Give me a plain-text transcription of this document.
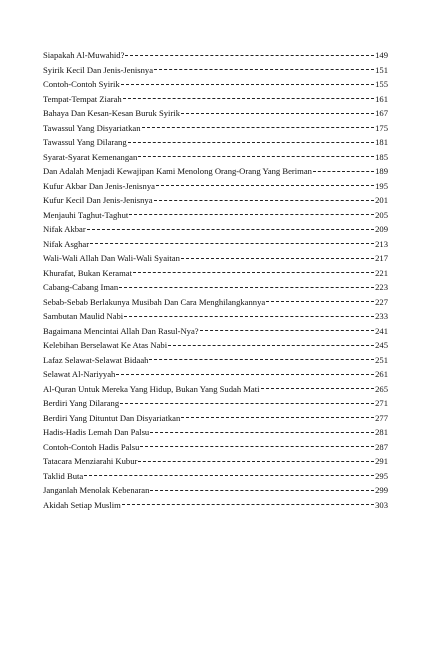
Siapakah Al-Muwahid?	149
Syirik Kecil Dan Jenis-Jenisnya	151
Contoh-Contoh Syirik	155
Tempat-Tempat Ziarah	161
Bahaya Dan Kesan-Kesan Buruk Syirik	167
Tawassul Yang Disyariatkan	175
Tawassul Yang Dilarang	181
Syarat-Syarat Kemenangan	185
Dan Adalah Menjadi Kewajipan Kami Menolong Orang-Orang Yang Beriman	189
Kufur Akbar Dan Jenis-Jenisnya	195
Kufur Kecil Dan Jenis-Jenisnya	201
Menjauhi Taghut-Taghut	205
Nifak Akbar	209
Nifak Asghar	213
Wali-Wali Allah Dan Wali-Wali Syaitan	217
Khurafat, Bukan Keramat	221
Cabang-Cabang Iman	223
Sebab-Sebab Berlakunya Musibah Dan Cara Menghilangkannya	227
Sambutan Maulid Nabi	233
Bagaimana Mencintai Allah Dan Rasul-Nya?	241
Kelebihan Berselawat Ke Atas Nabi	245
Lafaz Selawat-Selawat Bidaah	251
Selawat Al-Nariyyah	261
Al-Quran Untuk Mereka Yang Hidup, Bukan Yang Sudah Mati	265
Berdiri Yang Dilarang	271
Berdiri Yang Dituntut Dan Disyariatkan	277
Hadis-Hadis Lemah Dan Palsu	281
Contoh-Contoh Hadis Palsu	287
Tatacara Menziarahi Kubur	291
Taklid Buta	295
Janganlah Menolak Kebenaran	299
Akidah Setiap Muslim	303
